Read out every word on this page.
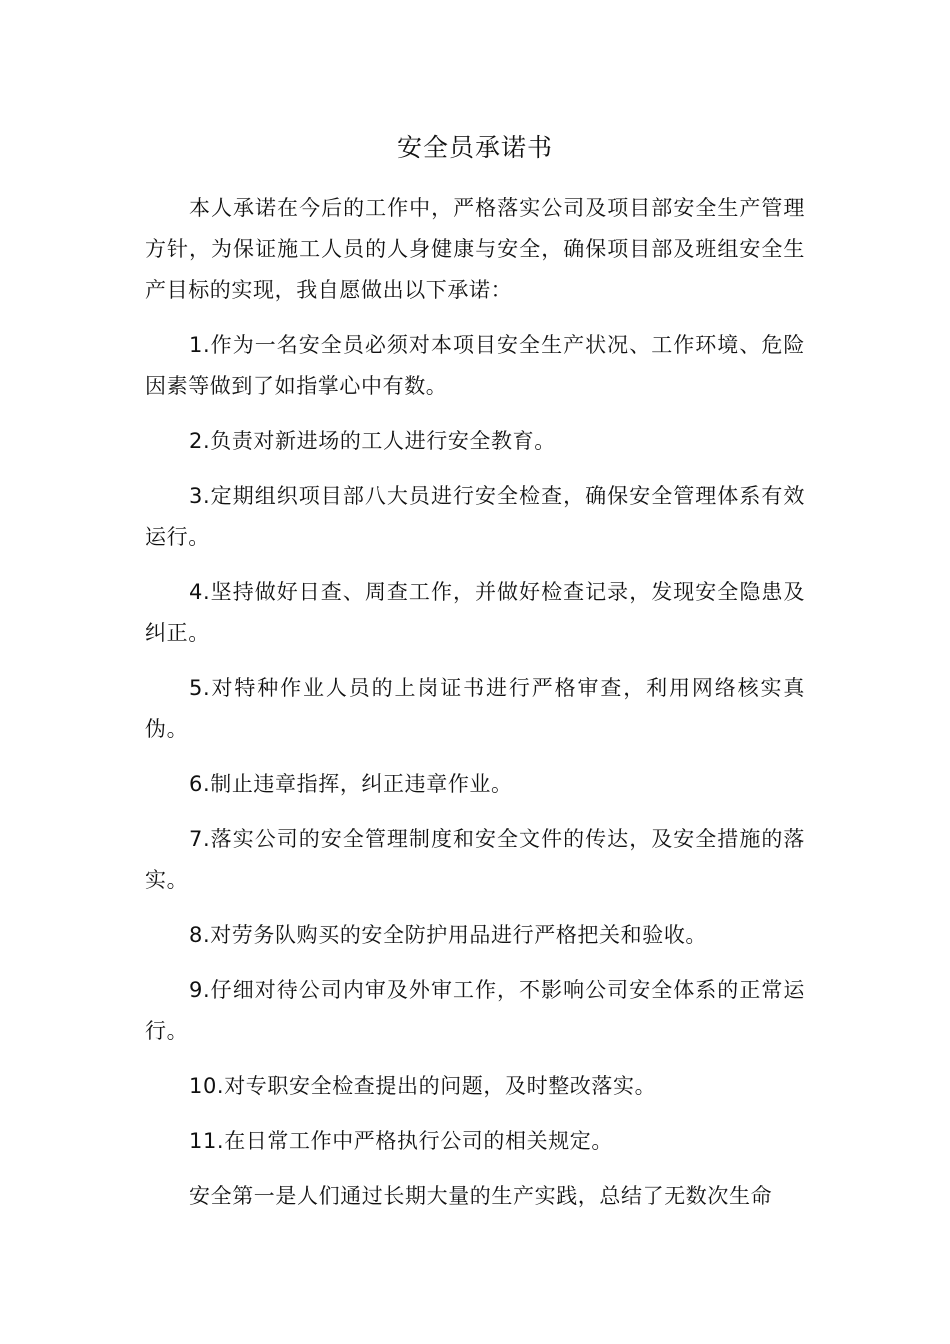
安全员承诺书

本人承诺在今后的工作中，严格落实公司及项目部安全生产管理方针，为保证施工人员的人身健康与安全，确保项目部及班组安全生产目标的实现，我自愿做出以下承诺：

1.作为一名安全员必须对本项目安全生产状况、工作环境、危险因素等做到了如指掌心中有数。

2.负责对新进场的工人进行安全教育。

3.定期组织项目部八大员进行安全检查，确保安全管理体系有效运行。

4.坚持做好日查、周查工作，并做好检查记录，发现安全隐患及纠正。

5.对特种作业人员的上岗证书进行严格审查，利用网络核实真伪。

6.制止违章指挥，纠正违章作业。

7.落实公司的安全管理制度和安全文件的传达，及安全措施的落实。

8.对劳务队购买的安全防护用品进行严格把关和验收。

9.仔细对待公司内审及外审工作，不影响公司安全体系的正常运行。

10.对专职安全检查提出的问题，及时整改落实。

11.在日常工作中严格执行公司的相关规定。

安全第一是人们通过长期大量的生产实践，总结了无数次生命
